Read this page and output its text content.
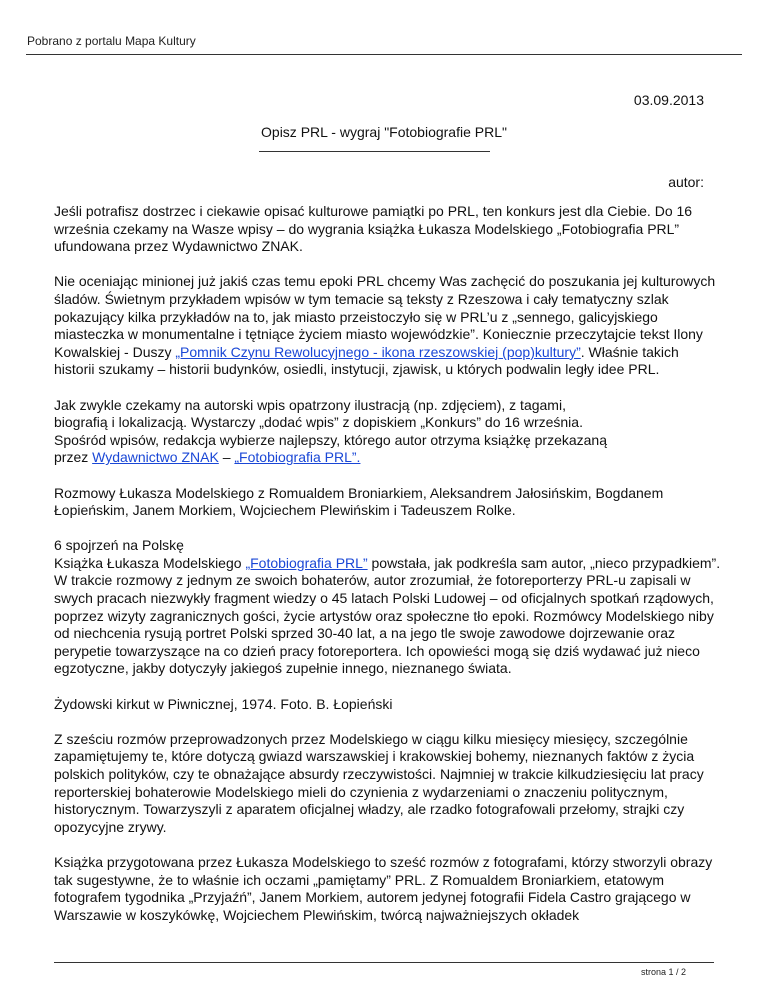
Pobrano z portalu Mapa Kultury
03.09.2013
Opisz PRL - wygraj "Fotobiografie PRL"
autor:

Jeśli potrafisz dostrzec i ciekawie opisać kulturowe pamiątki po PRL, ten konkurs jest dla Ciebie. Do 16 września czekamy na Wasze wpisy – do wygrania książka Łukasza Modelskiego „Fotobiografia PRL” ufundowana przez Wydawnictwo ZNAK.

Nie oceniając minionej już jakiś czas temu epoki PRL chcemy Was zachęcić do poszukania jej kulturowych śladów. Świetnym przykładem wpisów w tym temacie są teksty z Rzeszowa i cały tematyczny szlak pokazujący kilka przykładów na to, jak miasto przeistoczyło się w PRL’u z „sennego, galicyjskiego miasteczka w monumentalne i tętniące życiem miasto wojewódzkie”. Koniecznie przeczytajcie tekst Ilony Kowalskiej - Duszy „Pomnik Czynu Rewolucyjnego - ikona rzeszowskiej (pop)kultury”. Właśnie takich historii szukamy – historii budynków, osiedli, instytucji, zjawisk, u których podwalin legły idee PRL.

Jak zwykle czekamy na autorski wpis opatrzony ilustracją (np. zdjęciem), z tagami,
biografią i lokalizacją. Wystarczy „dodać wpis” z dopiskiem „Konkurs” do 16 września.
Spośród wpisów, redakcja wybierze najlepszy, którego autor otrzyma książkę przekazaną
przez Wydawnictwo ZNAK – „Fotobiografia PRL”.

Rozmowy Łukasza Modelskiego z Romualdem Broniarkiem, Aleksandrem Jałosińskim, Bogdanem Łopieńskim, Janem Morkiem, Wojciechem Plewińskim i Tadeuszem Rolke.

6 spojrzeń na Polskę
Książka Łukasza Modelskiego „Fotobiografia PRL” powstała, jak podkreśla sam autor, „nieco przypadkiem”. W trakcie rozmowy z jednym ze swoich bohaterów, autor zrozumiał, że fotoreporterzy PRL-u zapisali w swych pracach niezwykły fragment wiedzy o 45 latach Polski Ludowej – od oficjalnych spotkań rządowych, poprzez wizyty zagranicznych gości, życie artystów oraz społeczne tło epoki. Rozmówcy Modelskiego niby od niechcenia rysują portret Polski sprzed 30-40 lat, a na jego tle swoje zawodowe dojrzewanie oraz perypetie towarzyszące na co dzień pracy fotoreportera. Ich opowieści mogą się dziś wydawać już nieco egzotyczne, jakby dotyczyły jakiegoś zupełnie innego, nieznanego świata.

Żydowski kirkut w Piwnicznej, 1974. Foto. B. Łopieński

Z sześciu rozmów przeprowadzonych przez Modelskiego w ciągu kilku miesięcy miesięcy, szczególnie zapamiętujemy te, które dotyczą gwiazd warszawskiej i krakowskiej bohemy, nieznanych faktów z życia polskich polityków, czy te obnażające absurdy rzeczywistości. Najmniej w trakcie kilkudziesięciu lat pracy reporterskiej bohaterowie Modelskiego mieli do czynienia z wydarzeniami o znaczeniu politycznym, historycznym. Towarzyszyli z aparatem oficjalnej władzy, ale rzadko fotografowali przełomy, strajki czy opozycyjne zrywy.

Książka przygotowana przez Łukasza Modelskiego to sześć rozmów z fotografami, którzy stworzyli obrazy tak sugestywne, że to właśnie ich oczami „pamiętamy” PRL. Z Romualdem Broniarkiem, etatowym fotografem tygodnika „Przyjaźń”, Janem Morkiem, autorem jedynej fotografii Fidela Castro grającego w Warszawie w koszykówkę, Wojciechem Plewińskim, twórcą najważniejszych okładek

strona 1 / 2
